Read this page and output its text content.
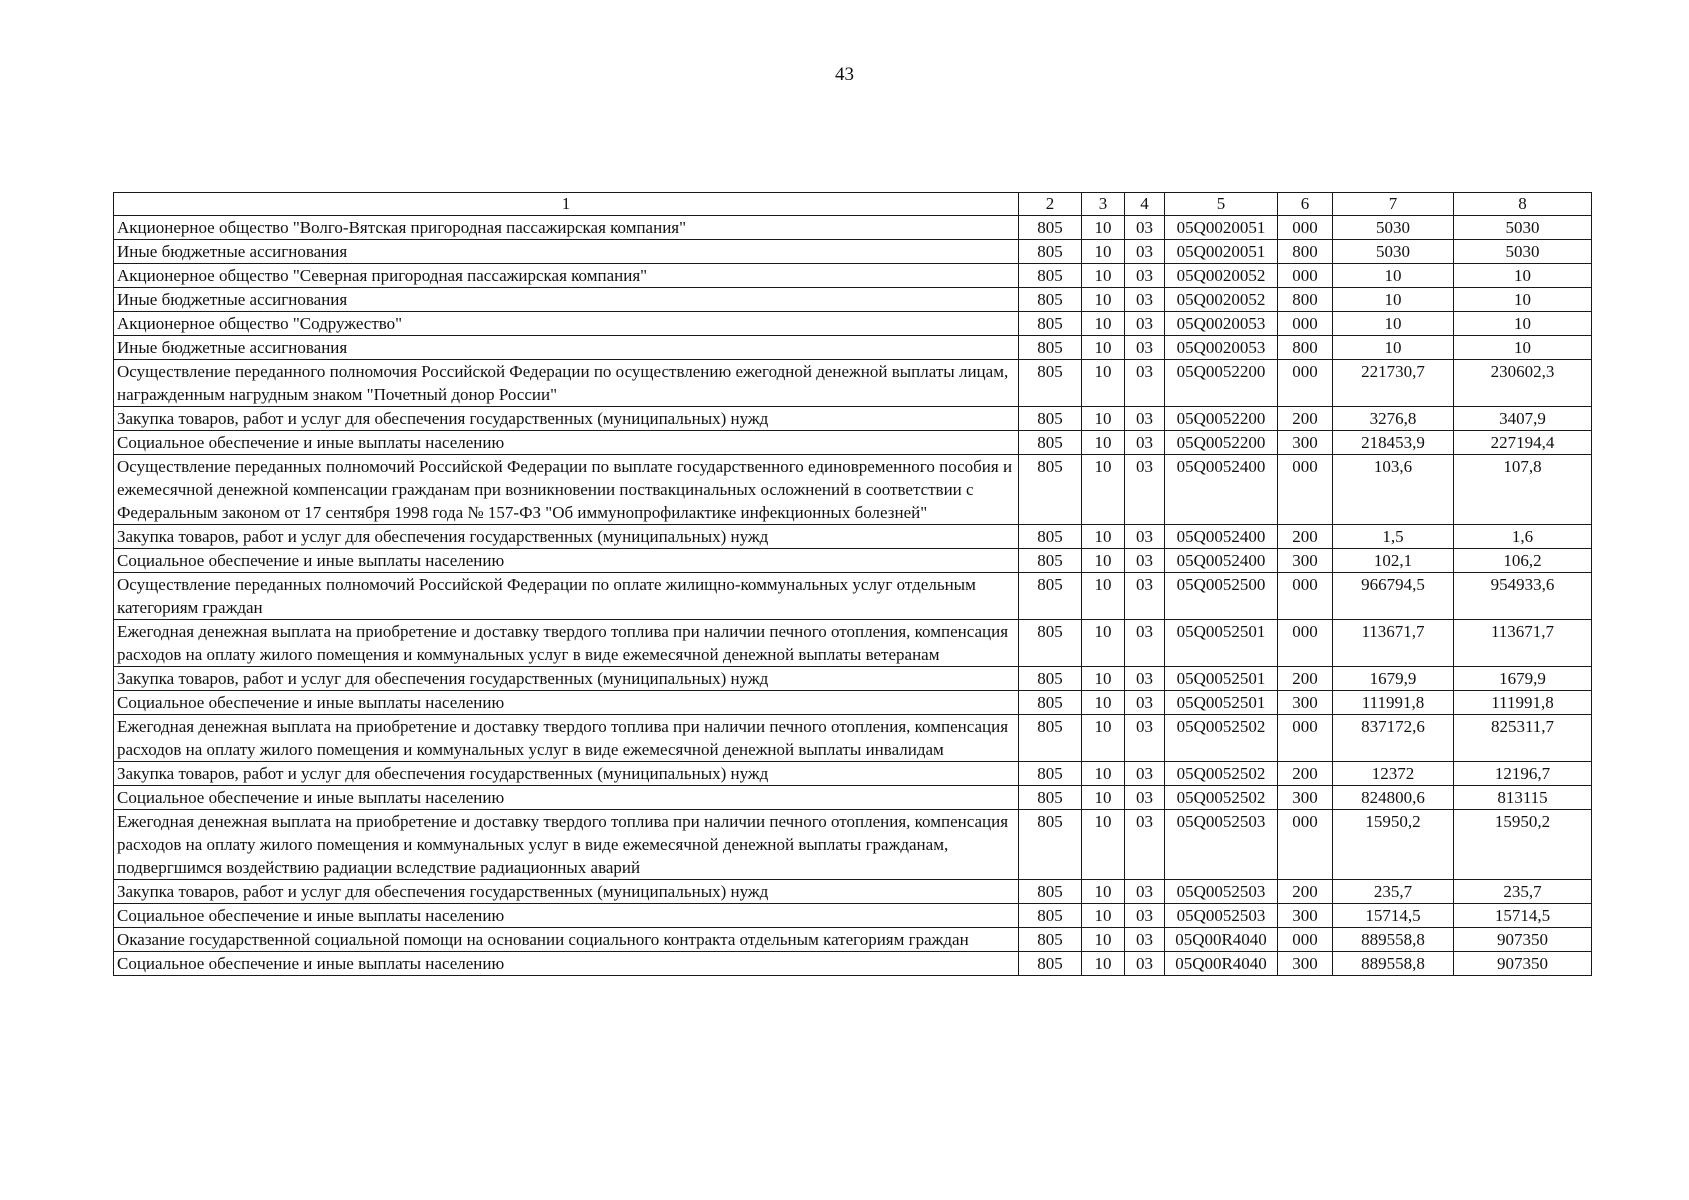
43
1	2	3	4	5	6	7	8
Акционерное общество "Волго-Вятская пригородная пассажирская компания"	805	10	03	05Q0020051	000	5030	5030
Иные бюджетные ассигнования	805	10	03	05Q0020051	800	5030	5030
Акционерное общество "Северная пригородная пассажирская компания"	805	10	03	05Q0020052	000	10	10
Иные бюджетные ассигнования	805	10	03	05Q0020052	800	10	10
Акционерное общество "Содружество"	805	10	03	05Q0020053	000	10	10
Иные бюджетные ассигнования	805	10	03	05Q0020053	800	10	10
Осуществление переданного полномочия Российской Федерации по осуществлению ежегодной денежной выплаты лицам, награжденным нагрудным знаком "Почетный донор России"	805	10	03	05Q0052200	000	221730,7	230602,3
Закупка товаров, работ и услуг для обеспечения государственных (муниципальных) нужд	805	10	03	05Q0052200	200	3276,8	3407,9
Социальное обеспечение и иные выплаты населению	805	10	03	05Q0052200	300	218453,9	227194,4
Осуществление переданных полномочий Российской Федерации по выплате государственного единовременного пособия и ежемесячной денежной компенсации гражданам при возникновении поствакцинальных осложнений в соответствии с Федеральным законом от 17 сентября 1998 года № 157-ФЗ "Об иммунопрофилактике инфекционных болезней"	805	10	03	05Q0052400	000	103,6	107,8
Закупка товаров, работ и услуг для обеспечения государственных (муниципальных) нужд	805	10	03	05Q0052400	200	1,5	1,6
Социальное обеспечение и иные выплаты населению	805	10	03	05Q0052400	300	102,1	106,2
Осуществление переданных полномочий Российской Федерации по оплате жилищно-коммунальных услуг отдельным категориям граждан	805	10	03	05Q0052500	000	966794,5	954933,6
Ежегодная денежная выплата на приобретение и доставку твердого топлива при наличии печного отопления, компенсация расходов на оплату жилого помещения и коммунальных услуг в виде ежемесячной денежной выплаты ветеранам	805	10	03	05Q0052501	000	113671,7	113671,7
Закупка товаров, работ и услуг для обеспечения государственных (муниципальных) нужд	805	10	03	05Q0052501	200	1679,9	1679,9
Социальное обеспечение и иные выплаты населению	805	10	03	05Q0052501	300	111991,8	111991,8
Ежегодная денежная выплата на приобретение и доставку твердого топлива при наличии печного отопления, компенсация расходов на оплату жилого помещения и коммунальных услуг в виде ежемесячной денежной выплаты инвалидам	805	10	03	05Q0052502	000	837172,6	825311,7
Закупка товаров, работ и услуг для обеспечения государственных (муниципальных) нужд	805	10	03	05Q0052502	200	12372	12196,7
Социальное обеспечение и иные выплаты населению	805	10	03	05Q0052502	300	824800,6	813115
Ежегодная денежная выплата на приобретение и доставку твердого топлива при наличии печного отопления, компенсация расходов на оплату жилого помещения и коммунальных услуг в виде ежемесячной денежной выплаты гражданам, подвергшимся воздействию радиации вследствие радиационных аварий	805	10	03	05Q0052503	000	15950,2	15950,2
Закупка товаров, работ и услуг для обеспечения государственных (муниципальных) нужд	805	10	03	05Q0052503	200	235,7	235,7
Социальное обеспечение и иные выплаты населению	805	10	03	05Q0052503	300	15714,5	15714,5
Оказание государственной социальной помощи на основании социального контракта отдельным категориям граждан	805	10	03	05Q00R4040	000	889558,8	907350
Социальное обеспечение и иные выплаты населению	805	10	03	05Q00R4040	300	889558,8	907350
